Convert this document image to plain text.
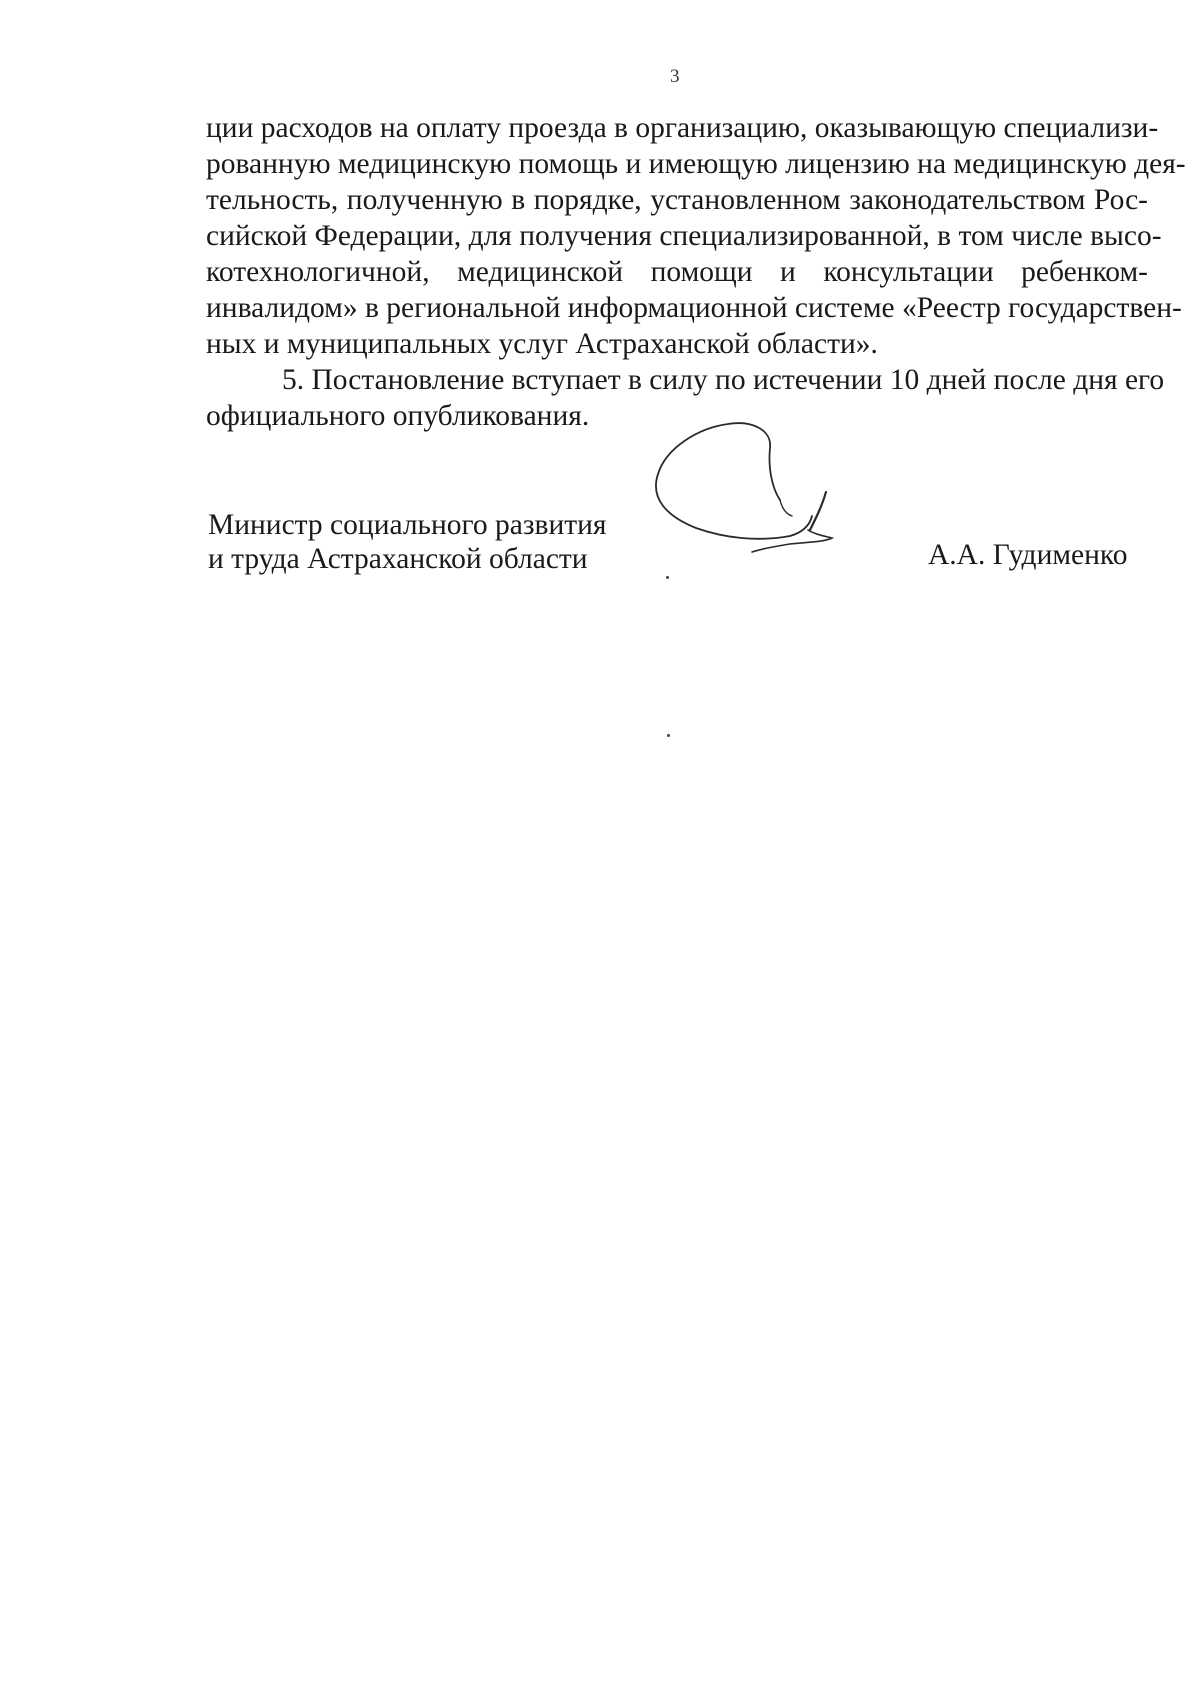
3
ции расходов на оплату проезда в организацию, оказывающую специализи-
рованную медицинскую помощь и имеющую лицензию на медицинскую дея-
тельность, полученную в порядке, установленном законодательством Рос-
сийской Федерации, для получения специализированной, в том числе высо-
котехнологичной, медицинской помощи и консультации ребенком-
инвалидом» в региональной информационной системе «Реестр государствен-
ных и муниципальных услуг Астраханской области».
5. Постановление вступает в силу по истечении 10 дней после дня его
официального опубликования.
Министр социального развития
и труда Астраханской области	А.А. Гудименко
